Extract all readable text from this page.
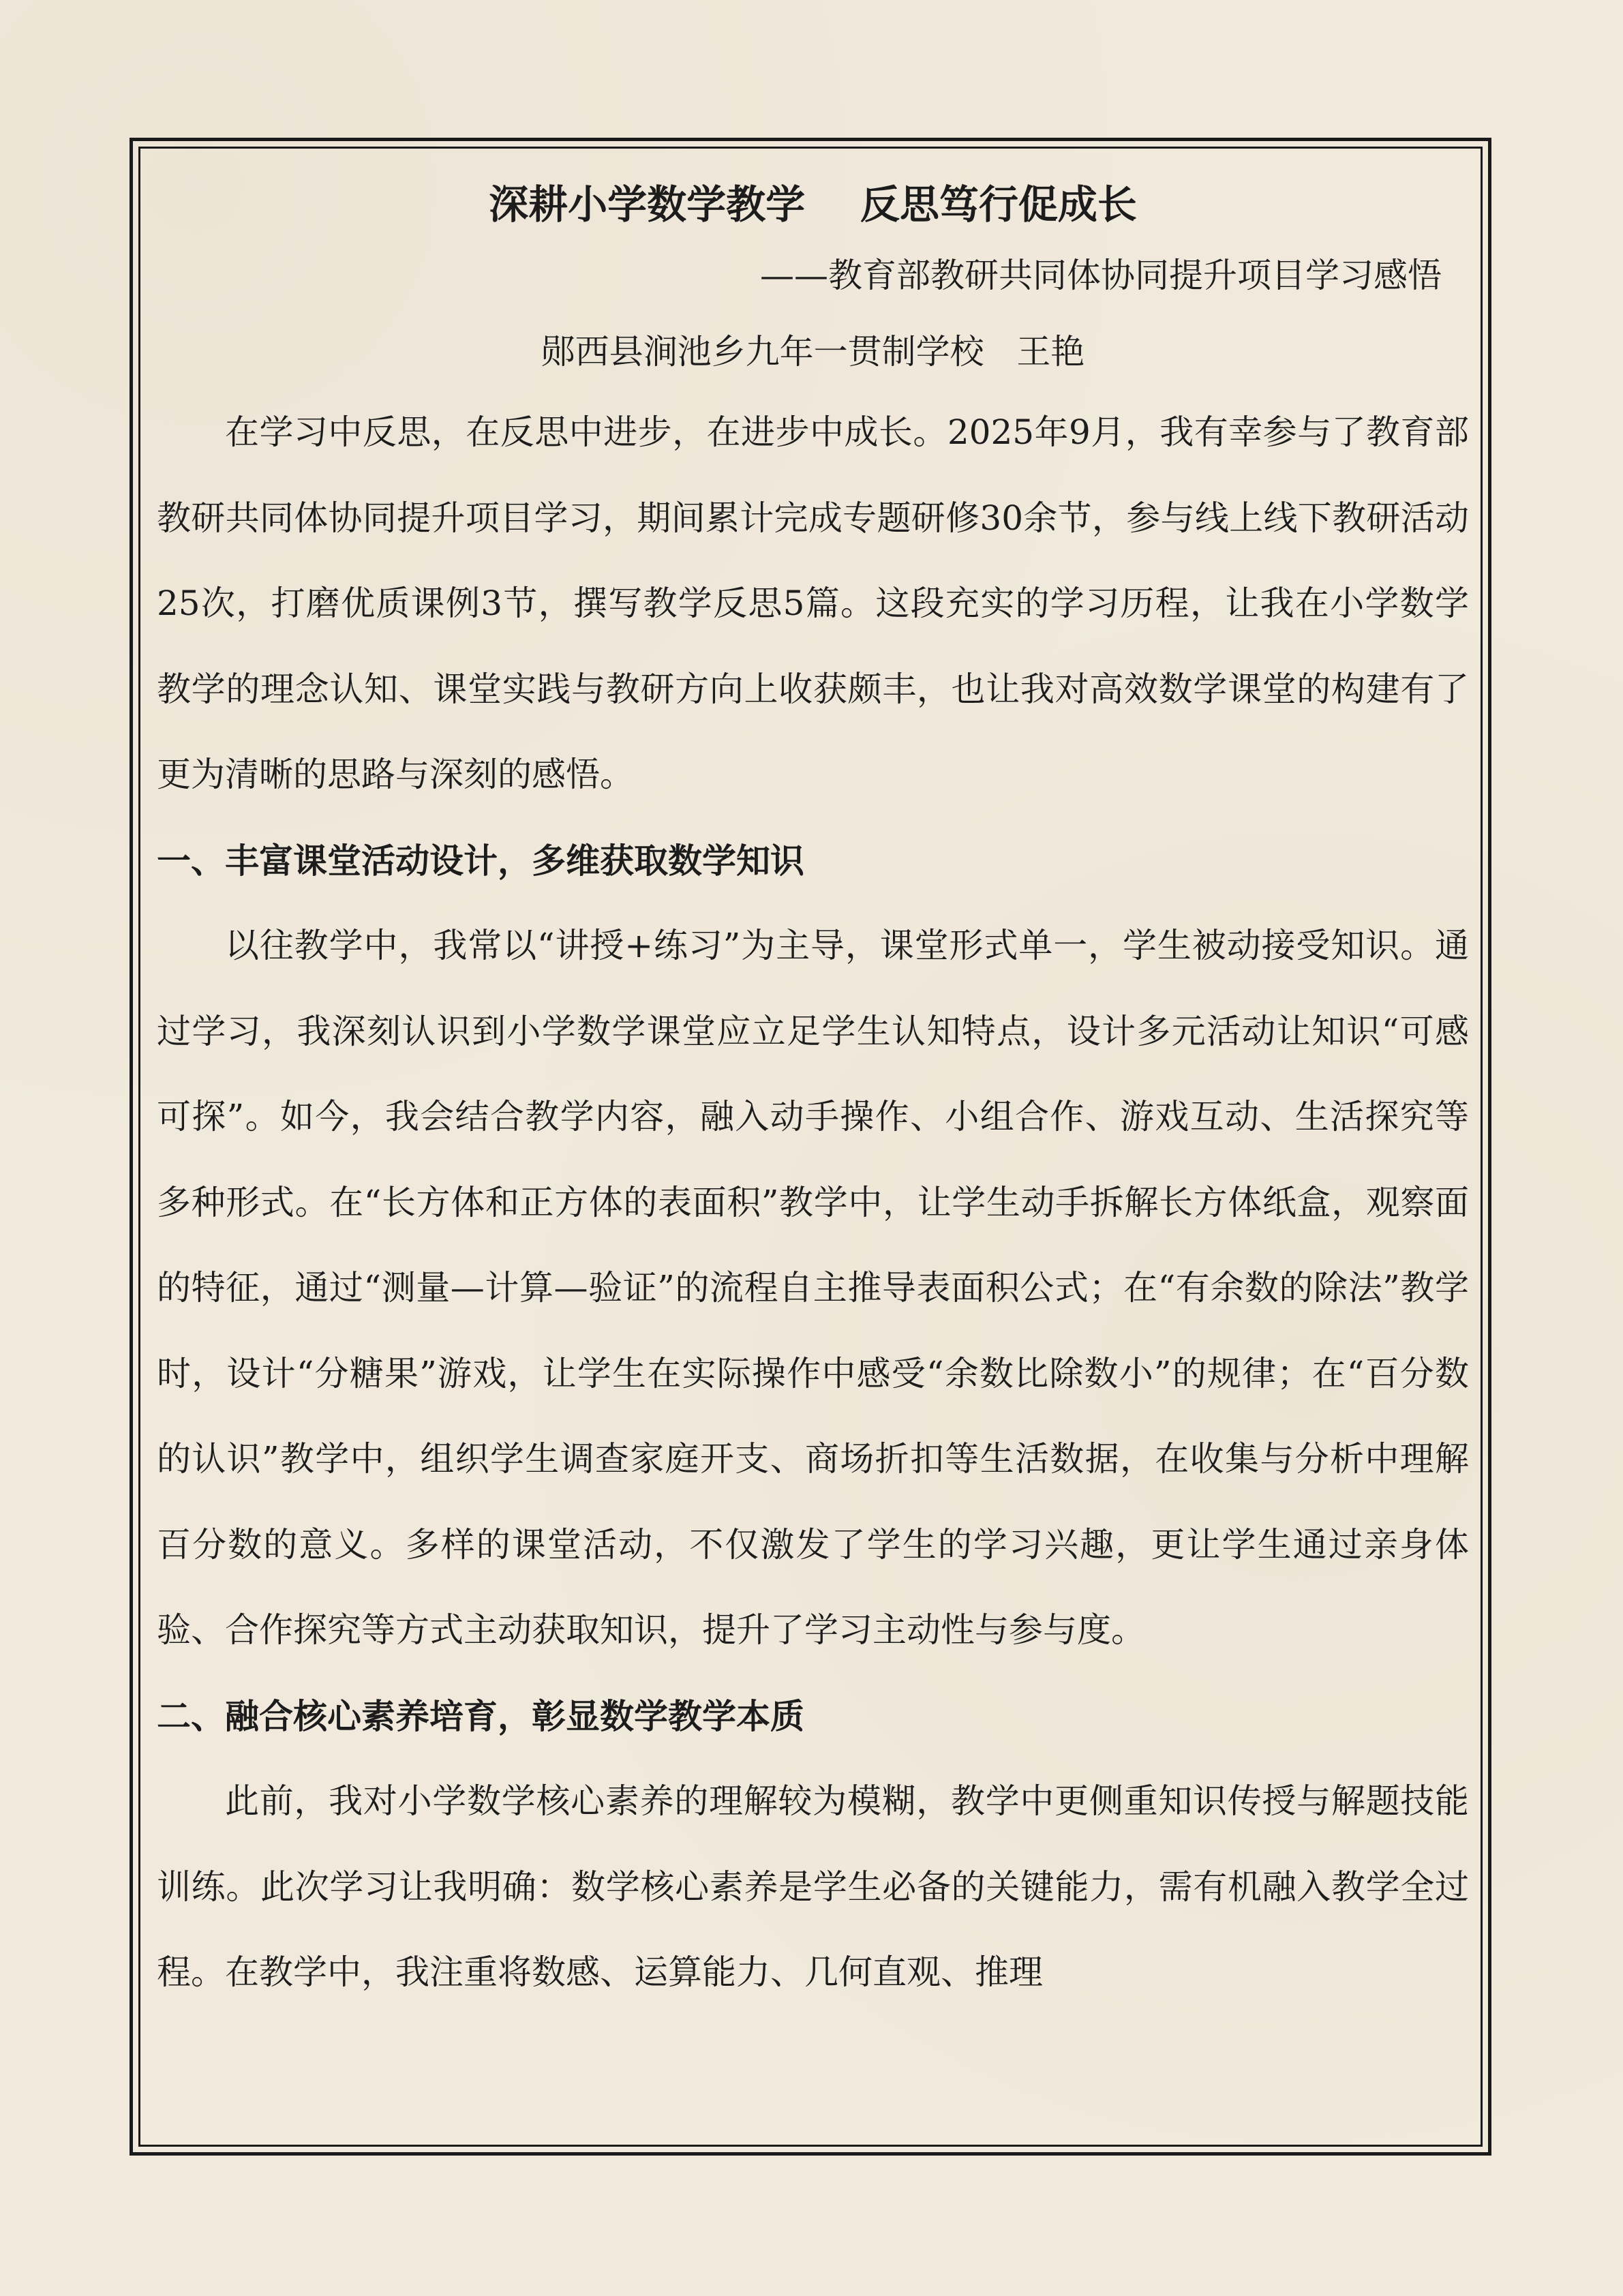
深耕小学数学教学    反思笃行促成长
——教育部教研共同体协同提升项目学习感悟
郧西县涧池乡九年一贯制学校   王艳

在学习中反思，在反思中进步，在进步中成长。2025年9月，我有幸参与了教育部教研共同体协同提升项目学习，期间累计完成专题研修30余节，参与线上线下教研活动25次，打磨优质课例3节，撰写教学反思5篇。这段充实的学习历程，让我在小学数学教学的理念认知、课堂实践与教研方向上收获颇丰，也让我对高效数学课堂的构建有了更为清晰的思路与深刻的感悟。

一、丰富课堂活动设计，多维获取数学知识

以往教学中，我常以“讲授+练习”为主导，课堂形式单一，学生被动接受知识。通过学习，我深刻认识到小学数学课堂应立足学生认知特点，设计多元活动让知识“可感可探”。如今，我会结合教学内容，融入动手操作、小组合作、游戏互动、生活探究等多种形式。在“长方体和正方体的表面积”教学中，让学生动手拆解长方体纸盒，观察面的特征，通过“测量—计算—验证”的流程自主推导表面积公式；在“有余数的除法”教学时，设计“分糖果”游戏，让学生在实际操作中感受“余数比除数小”的规律；在“百分数的认识”教学中，组织学生调查家庭开支、商场折扣等生活数据，在收集与分析中理解百分数的意义。多样的课堂活动，不仅激发了学生的学习兴趣，更让学生通过亲身体验、合作探究等方式主动获取知识，提升了学习主动性与参与度。

二、融合核心素养培育，彰显数学教学本质

此前，我对小学数学核心素养的理解较为模糊，教学中更侧重知识传授与解题技能训练。此次学习让我明确：数学核心素养是学生必备的关键能力，需有机融入教学全过程。在教学中，我注重将数感、运算能力、几何直观、推理
